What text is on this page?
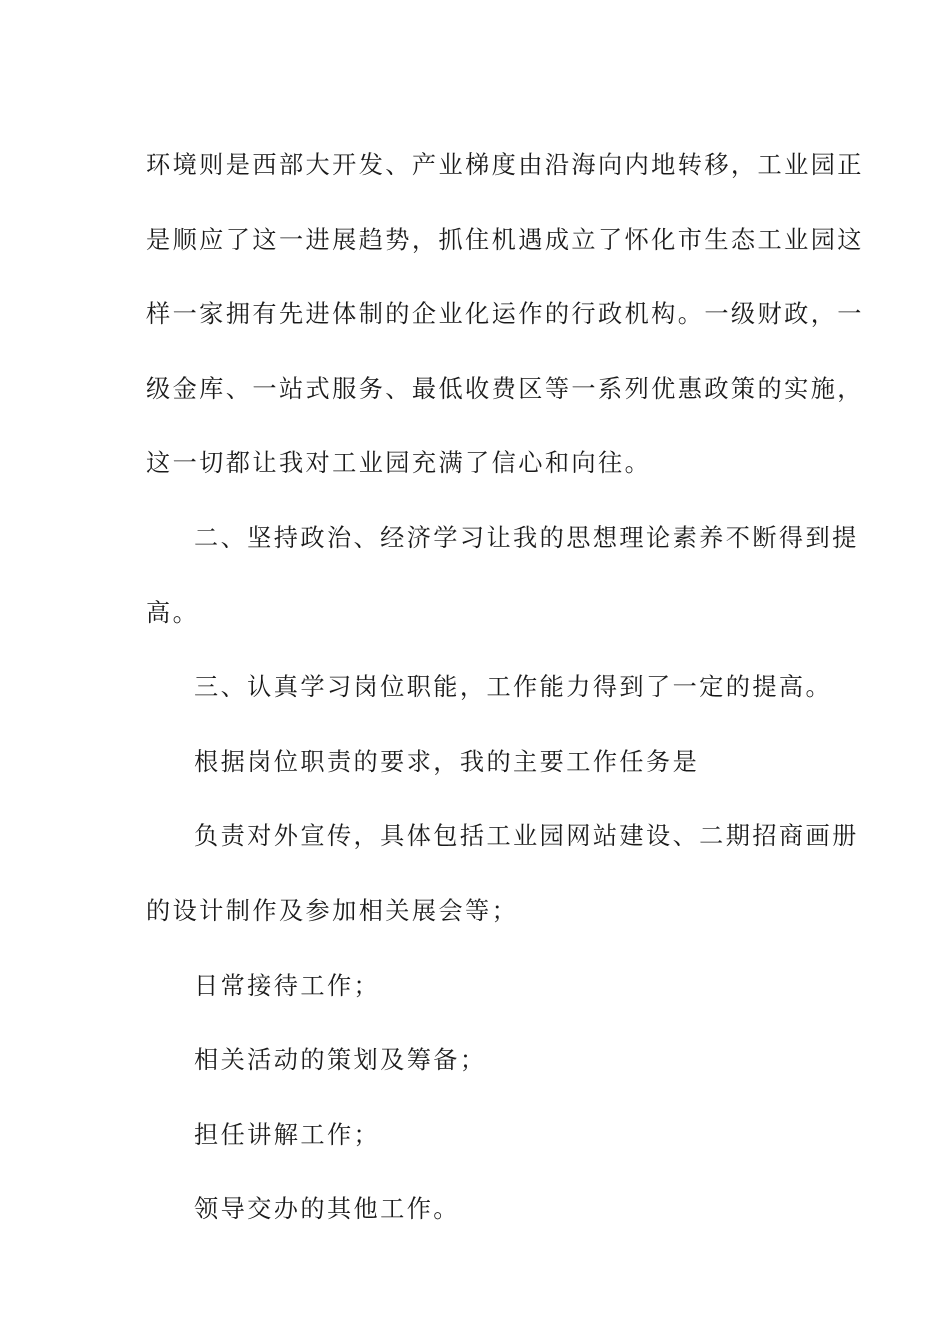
环境则是西部大开发、产业梯度由沿海向内地转移，工业园正
是顺应了这一进展趋势，抓住机遇成立了怀化市生态工业园这
样一家拥有先进体制的企业化运作的行政机构。一级财政，一
级金库、一站式服务、最低收费区等一系列优惠政策的实施，
这一切都让我对工业园充满了信心和向往。

二、坚持政治、经济学习让我的思想理论素养不断得到提
高。

三、认真学习岗位职能，工作能力得到了一定的提高。

根据岗位职责的要求，我的主要工作任务是

负责对外宣传，具体包括工业园网站建设、二期招商画册
的设计制作及参加相关展会等；

日常接待工作；

相关活动的策划及筹备；

担任讲解工作；

领导交办的其他工作。
